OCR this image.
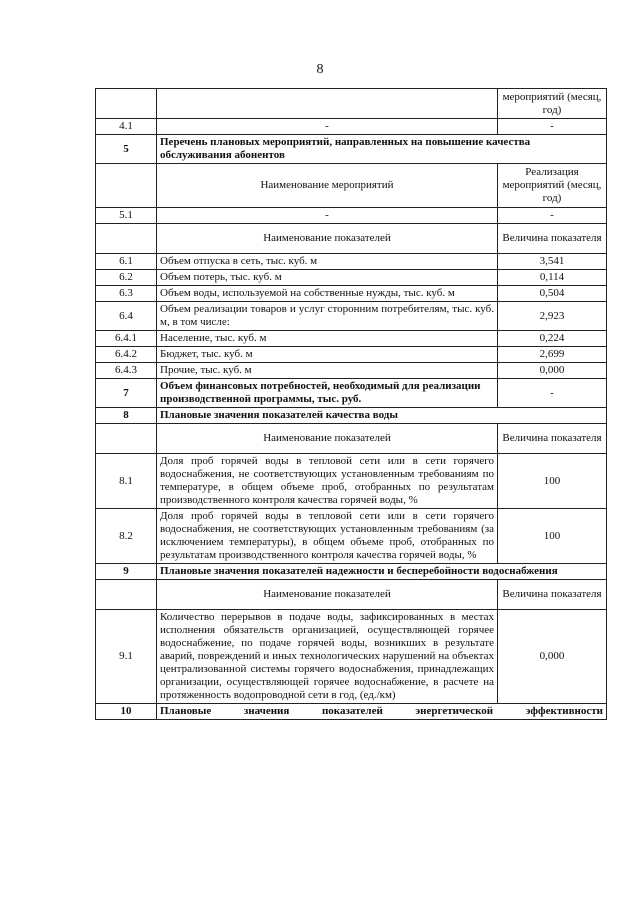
8
		мероприятий (месяц, год)
4.1	-	-
5	Перечень плановых мероприятий, направленных на повышение качества обслуживания абонентов	
	Наименование мероприятий	Реализация мероприятий (месяц, год)
5.1	-	-
	Наименование показателей	Величина показателя
6.1	Объем отпуска в сеть, тыс. куб. м	3,541
6.2	Объем потерь, тыс. куб. м	0,114
6.3	Объем воды, используемой на собственные нужды, тыс. куб. м	0,504
6.4	Объем реализации товаров и услуг сторонним потребителям, тыс. куб. м, в том числе:	2,923
6.4.1	Население, тыс. куб. м	0,224
6.4.2	Бюджет, тыс. куб. м	2,699
6.4.3	Прочие, тыс. куб. м	0,000
7	Объем финансовых потребностей, необходимый для реализации производственной программы, тыс. руб.	-
8	Плановые значения показателей качества воды	
	Наименование показателей	Величина показателя
8.1	Доля проб горячей воды в тепловой сети или в сети горячего водоснабжения, не соответствующих установленным требованиям по температуре, в общем объеме проб, отобранных по результатам производственного контроля качества горячей воды, %	100
8.2	Доля проб горячей воды в тепловой сети или в сети горячего водоснабжения, не соответствующих установленным требованиям (за исключением температуры), в общем объеме проб, отобранных по результатам производственного контроля качества горячей воды, %	100
9	Плановые значения показателей надежности и бесперебойности водоснабжения	
	Наименование показателей	Величина показателя
9.1	Количество перерывов в подаче воды, зафиксированных в местах исполнения обязательств организацией, осуществляющей горячее водоснабжение, по подаче горячей воды, возникших в результате аварий, повреждений и иных технологических нарушений на объектах централизованной системы горячего водоснабжения, принадлежащих организации, осуществляющей горячее водоснабжение, в расчете на протяженность водопроводной сети в год, (ед./км)	0,000
10	Плановые значения показателей энергетической эффективности	
